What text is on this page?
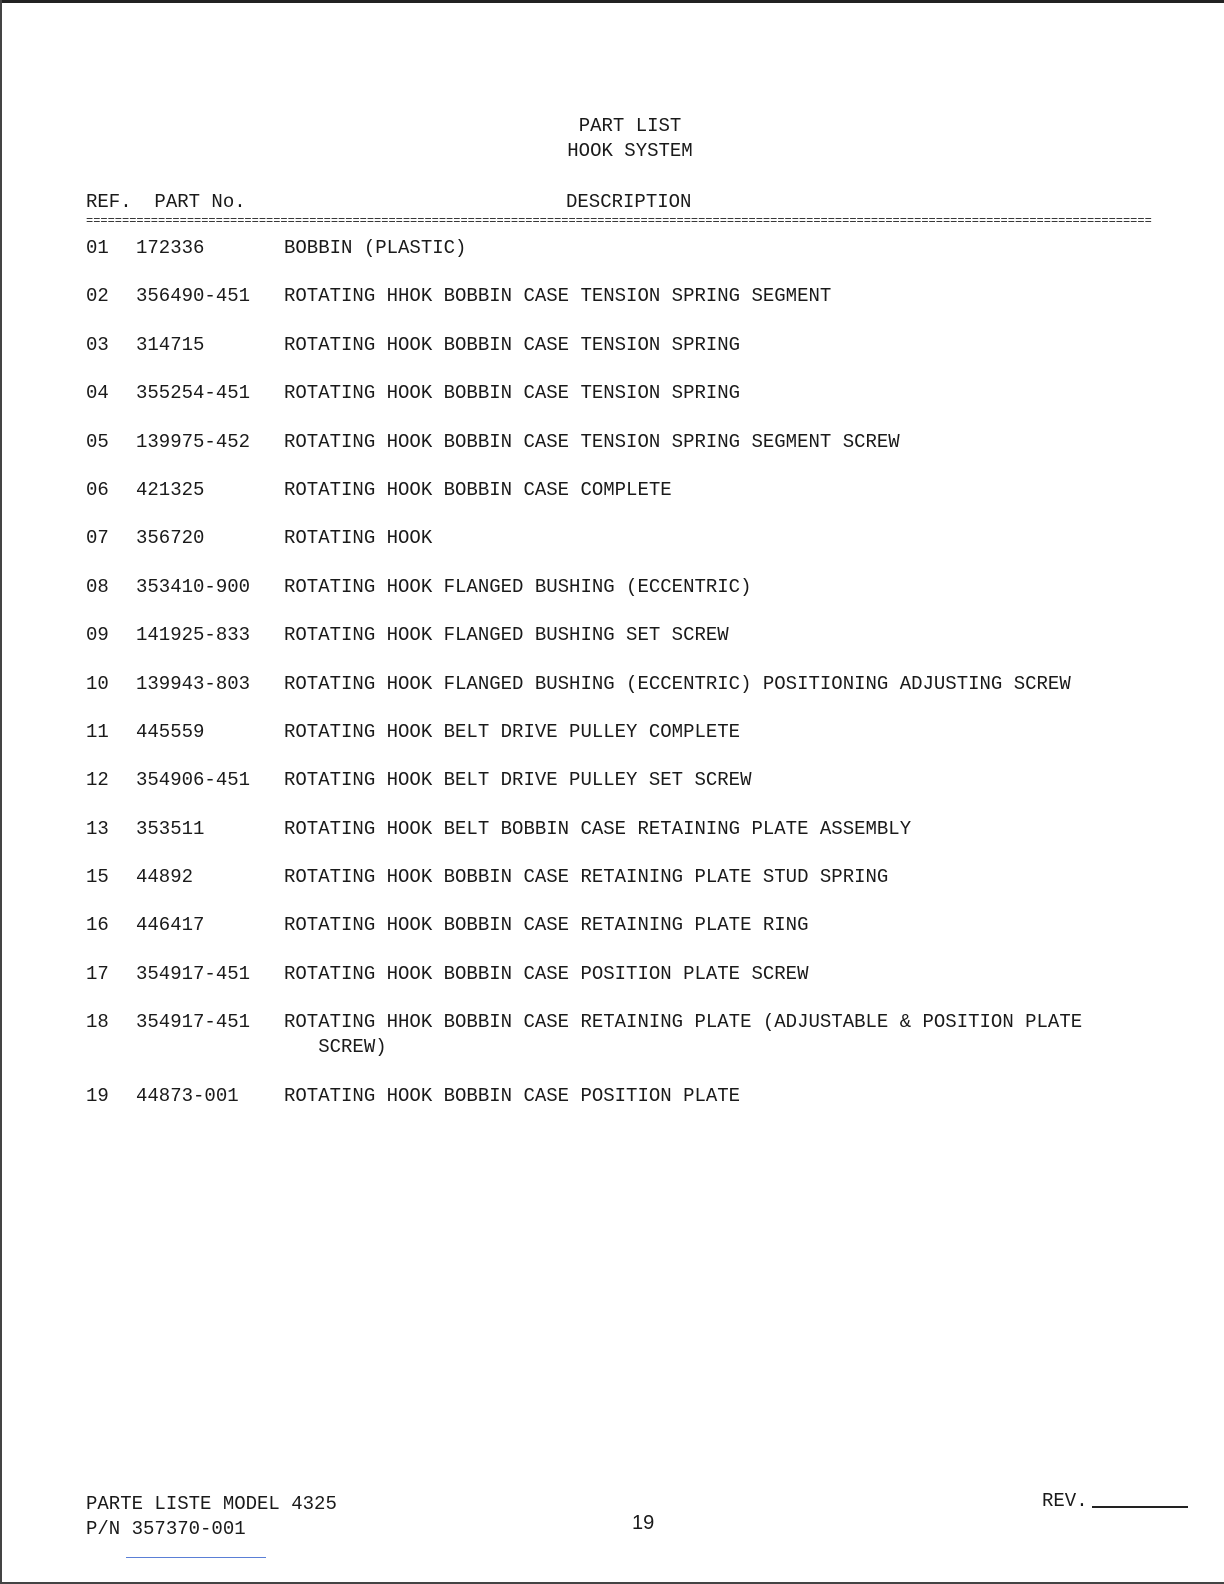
PART LIST
HOOK SYSTEM
REF.  PART No.	DESCRIPTION
====================================================================================================================================================
01	172336	BOBBIN (PLASTIC)
02	356490-451	ROTATING HHOK BOBBIN CASE TENSION SPRING SEGMENT
03	314715	ROTATING HOOK BOBBIN CASE TENSION SPRING
04	355254-451	ROTATING HOOK BOBBIN CASE TENSION SPRING
05	139975-452	ROTATING HOOK BOBBIN CASE TENSION SPRING SEGMENT SCREW
06	421325	ROTATING HOOK BOBBIN CASE COMPLETE
07	356720	ROTATING HOOK
08	353410-900	ROTATING HOOK FLANGED BUSHING (ECCENTRIC)
09	141925-833	ROTATING HOOK FLANGED BUSHING SET SCREW
10	139943-803	ROTATING HOOK FLANGED BUSHING (ECCENTRIC) POSITIONING ADJUSTING SCREW
11	445559	ROTATING HOOK BELT DRIVE PULLEY COMPLETE
12	354906-451	ROTATING HOOK BELT DRIVE PULLEY SET SCREW
13	353511	ROTATING HOOK BELT BOBBIN CASE RETAINING PLATE ASSEMBLY
15	44892	ROTATING HOOK BOBBIN CASE RETAINING PLATE STUD SPRING
16	446417	ROTATING HOOK BOBBIN CASE RETAINING PLATE RING
17	354917-451	ROTATING HOOK BOBBIN CASE POSITION PLATE SCREW
18	354917-451	ROTATING HHOK BOBBIN CASE RETAINING PLATE (ADJUSTABLE & POSITION PLATE
SCREW)
19	44873-001	ROTATING HOOK BOBBIN CASE POSITION PLATE
PARTE LISTE MODEL 4325
P/N 357370-001	19
REV.
